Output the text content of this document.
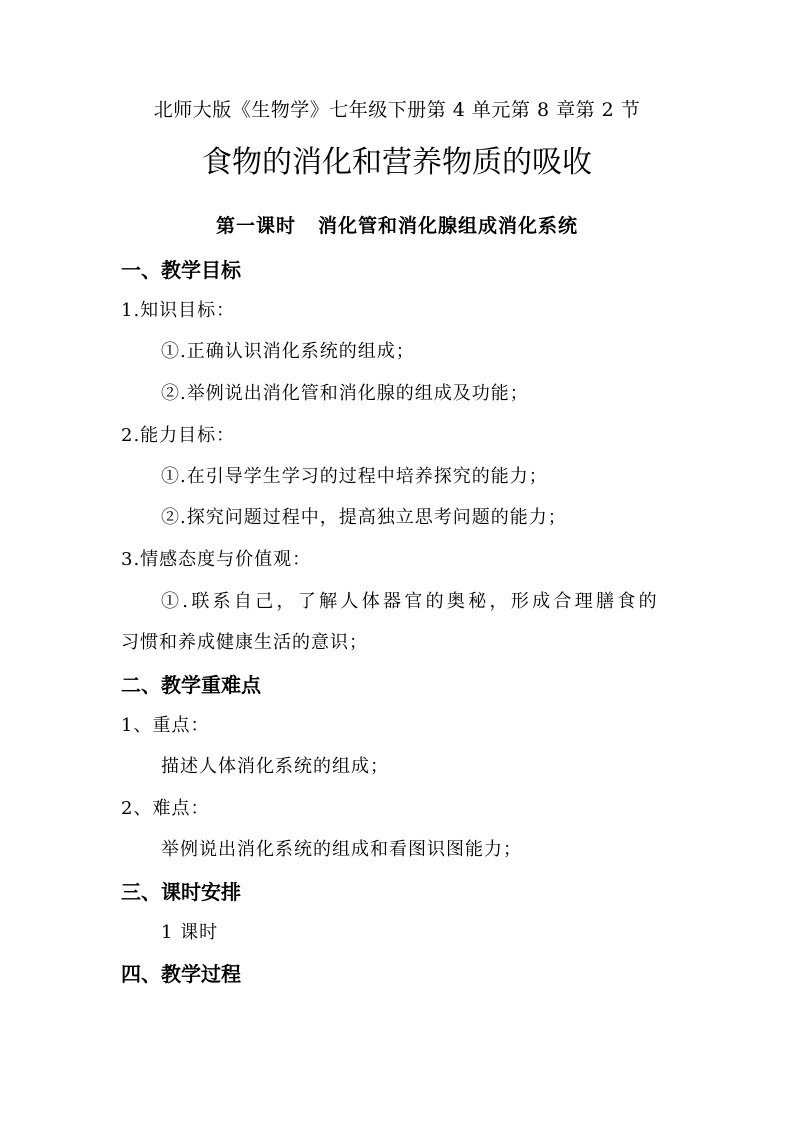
北师大版《生物学》七年级下册第 4 单元第 8 章第 2 节
食物的消化和营养物质的吸收
第一课时 消化管和消化腺组成消化系统
一、教学目标
1.知识目标：
①.正确认识消化系统的组成；
②.举例说出消化管和消化腺的组成及功能；
2.能力目标：
①.在引导学生学习的过程中培养探究的能力；
②.探究问题过程中，提高独立思考问题的能力；
3.情感态度与价值观：
①.联系自己，了解人体器官的奥秘，形成合理膳食的
习惯和养成健康生活的意识；
二、教学重难点
1、重点：
描述人体消化系统的组成；
2、难点：
举例说出消化系统的组成和看图识图能力；
三、课时安排
1 课时
四、教学过程
